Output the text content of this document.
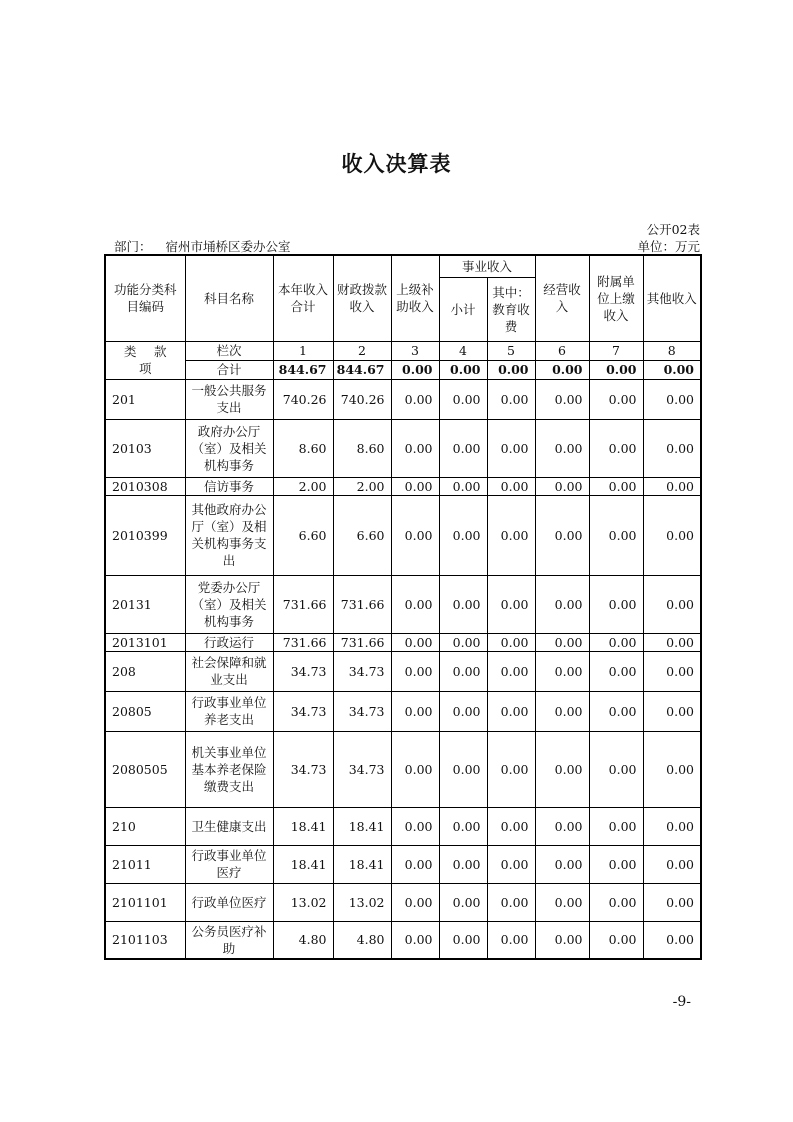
收入决算表
公开02表
部门： 宿州市埇桥区委办公室	单位：万元
功能分类科目编码	科目名称	本年收入合计	财政拨款收入	上级补助收入	事业收入		经营收入	附属单位上缴收入	其他收入
					小计	其中：教育收费			
类 款项	栏次	1	2	3	4	5	6	7	8
	合计	844.67	844.67	0.00	0.00	0.00	0.00	0.00	0.00
201	一般公共服务支出	740.26	740.26	0.00	0.00	0.00	0.00	0.00	0.00
20103	政府办公厅（室）及相关机构事务	8.60	8.60	0.00	0.00	0.00	0.00	0.00	0.00
2010308	信访事务	2.00	2.00	0.00	0.00	0.00	0.00	0.00	0.00
2010399	其他政府办公厅（室）及相关机构事务支出	6.60	6.60	0.00	0.00	0.00	0.00	0.00	0.00
20131	党委办公厅（室）及相关机构事务	731.66	731.66	0.00	0.00	0.00	0.00	0.00	0.00
2013101	行政运行	731.66	731.66	0.00	0.00	0.00	0.00	0.00	0.00
208	社会保障和就业支出	34.73	34.73	0.00	0.00	0.00	0.00	0.00	0.00
20805	行政事业单位养老支出	34.73	34.73	0.00	0.00	0.00	0.00	0.00	0.00
2080505	机关事业单位基本养老保险缴费支出	34.73	34.73	0.00	0.00	0.00	0.00	0.00	0.00
210	卫生健康支出	18.41	18.41	0.00	0.00	0.00	0.00	0.00	0.00
21011	行政事业单位医疗	18.41	18.41	0.00	0.00	0.00	0.00	0.00	0.00
2101101	行政单位医疗	13.02	13.02	0.00	0.00	0.00	0.00	0.00	0.00
2101103	公务员医疗补助	4.80	4.80	0.00	0.00	0.00	0.00	0.00	0.00
-9-
